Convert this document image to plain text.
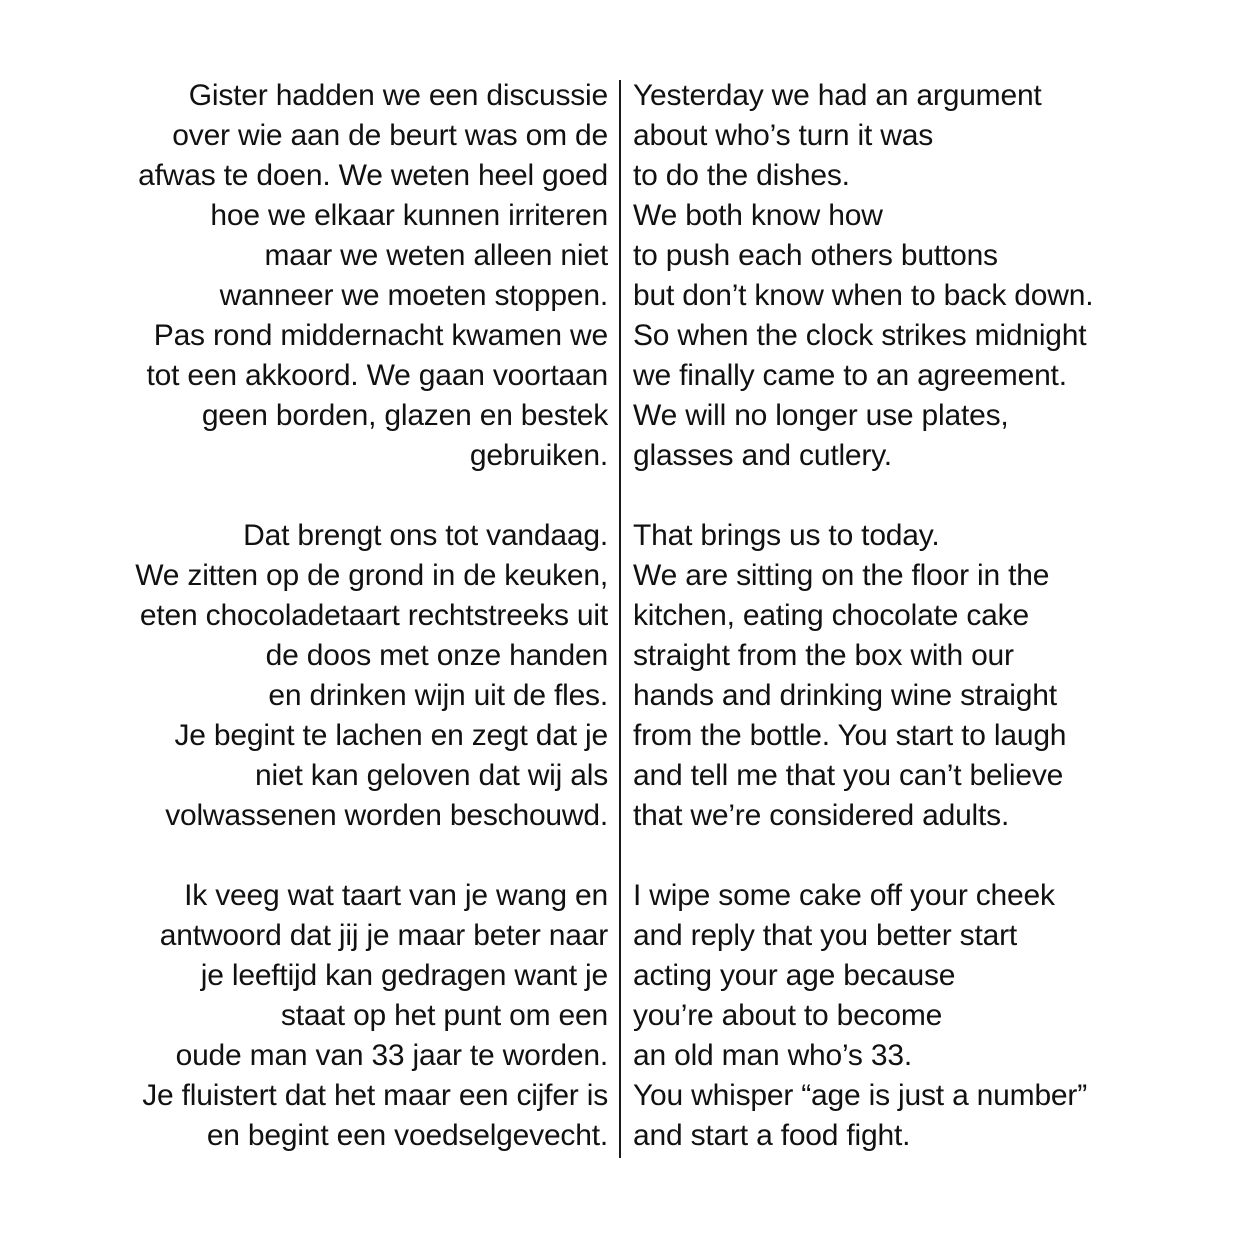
Gister hadden we een discussie
over wie aan de beurt was om de
afwas te doen. We weten heel goed
hoe we elkaar kunnen irriteren
maar we weten alleen niet
wanneer we moeten stoppen.
Pas rond middernacht kwamen we
tot een akkoord. We gaan voortaan
geen borden, glazen en bestek
gebruiken.
Dat brengt ons tot vandaag.
We zitten op de grond in de keuken,
eten chocoladetaart rechtstreeks uit
de doos met onze handen
en drinken wijn uit de fles.
Je begint te lachen en zegt dat je
niet kan geloven dat wij als
volwassenen worden beschouwd.
Ik veeg wat taart van je wang en
antwoord dat jij je maar beter naar
je leeftijd kan gedragen want je
staat op het punt om een
oude man van 33 jaar te worden.
Je fluistert dat het maar een cijfer is
en begint een voedselgevecht.
Yesterday we had an argument
about who’s turn it was
to do the dishes.
We both know how
to push each others buttons
but don’t know when to back down.
So when the clock strikes midnight
we finally came to an agreement.
We will no longer use plates,
glasses and cutlery.
That brings us to today.
We are sitting on the floor in the
kitchen, eating chocolate cake
straight from the box with our
hands and drinking wine straight
from the bottle. You start to laugh
and tell me that you can’t believe
that we’re considered adults.
I wipe some cake off your cheek
and reply that you better start
acting your age because
you’re about to become
an old man who’s 33.
You whisper “age is just a number”
and start a food fight.
